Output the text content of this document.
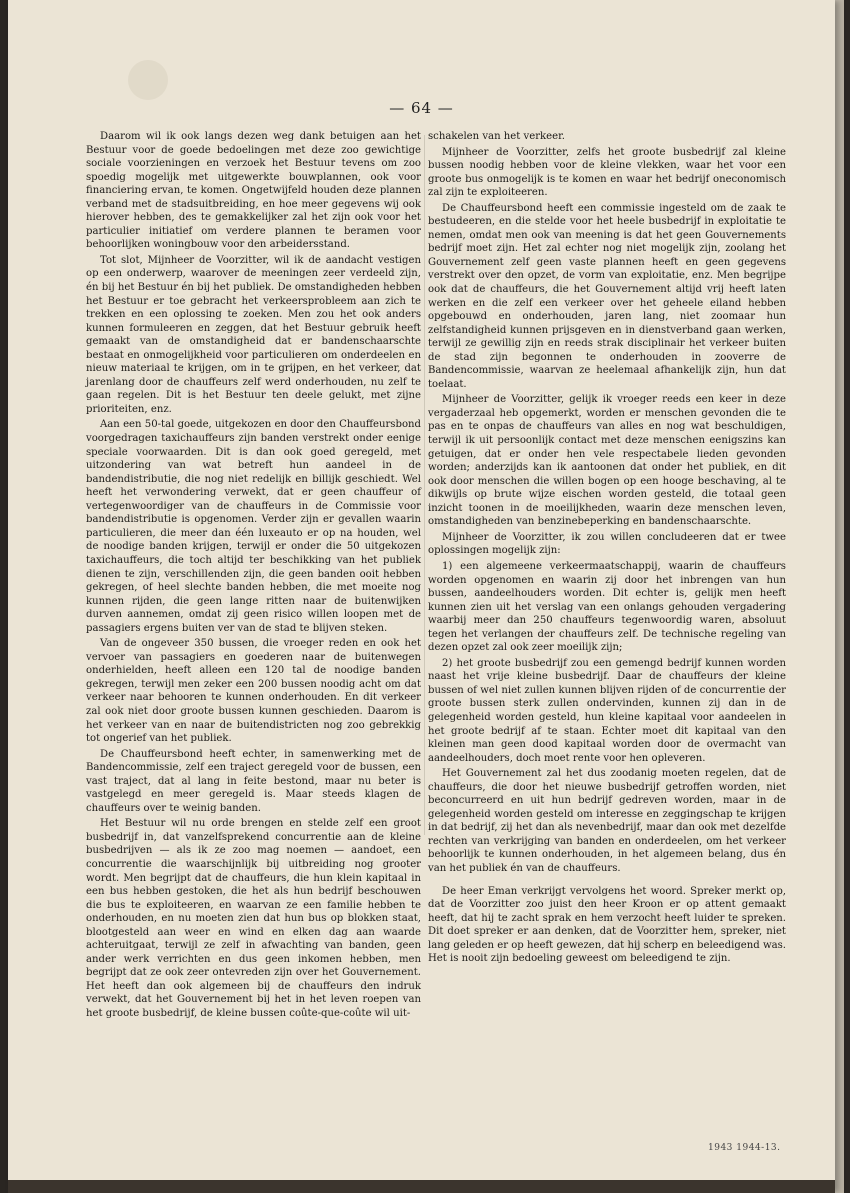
— 64 —

Daarom wil ik ook langs dezen weg dank betuigen aan het Bestuur voor de goede bedoelingen met deze zoo gewichtige sociale voorzieningen en verzoek het Bestuur tevens om zoo spoedig mogelijk met uitgewerkte bouwplannen, ook voor financiering ervan, te komen. Ongetwijfeld houden deze plannen verband met de stadsuitbreiding, en hoe meer gegevens wij ook hierover hebben, des te gemakkelijker zal het zijn ook voor het particulier initiatief om verdere plannen te beramen voor behoorlijken woningbouw voor den arbeidersstand.

Tot slot, Mijnheer de Voorzitter, wil ik de aandacht vestigen op een onderwerp, waarover de meeningen zeer verdeeld zijn, én bij het Bestuur én bij het publiek. De omstandigheden hebben het Bestuur er toe gebracht het verkeersprobleem aan zich te trekken en een oplossing te zoeken. Men zou het ook anders kunnen formuleeren en zeggen, dat het Bestuur gebruik heeft gemaakt van de omstandigheid dat er bandenschaarschte bestaat en onmogelijkheid voor particulieren om onderdeelen en nieuw materiaal te krijgen, om in te grijpen, en het verkeer, dat jarenlang door de chauffeurs zelf werd onderhouden, nu zelf te gaan regelen. Dit is het Bestuur ten deele gelukt, met zijne prioriteiten, enz.

Aan een 50-tal goede, uitgekozen en door den Chauffeursbond voorgedragen taxichauffeurs zijn banden verstrekt onder eenige speciale voorwaarden. Dit is dan ook goed geregeld, met uitzondering van wat betreft hun aandeel in de bandendistributie, die nog niet redelijk en billijk geschiedt. Wel heeft het verwondering verwekt, dat er geen chauffeur of vertegenwoordiger van de chauffeurs in de Commissie voor bandendistributie is opgenomen. Verder zijn er gevallen waarin particulieren, die meer dan één luxeauto er op na houden, wel de noodige banden krijgen, terwijl er onder die 50 uitgekozen taxichauffeurs, die toch altijd ter beschikking van het publiek dienen te zijn, verschillenden zijn, die geen banden ooit hebben gekregen, of heel slechte banden hebben, die met moeite nog kunnen rijden, die geen lange ritten naar de buitenwijken durven aannemen, omdat zij geen risico willen loopen met de passagiers ergens buiten ver van de stad te blijven steken.

Van de ongeveer 350 bussen, die vroeger reden en ook het vervoer van passagiers en goederen naar de buitenwegen onderhielden, heeft alleen een 120 tal de noodige banden gekregen, terwijl men zeker een 200 bussen noodig acht om dat verkeer naar behooren te kunnen onderhouden. En dit verkeer zal ook niet door groote bussen kunnen geschieden. Daarom is het verkeer van en naar de buitendistricten nog zoo gebrekkig tot ongerief van het publiek.

De Chauffeursbond heeft echter, in samenwerking met de Bandencommissie, zelf een traject geregeld voor de bussen, een vast traject, dat al lang in feite bestond, maar nu beter is vastgelegd en meer geregeld is. Maar steeds klagen de chauffeurs over te weinig banden.

Het Bestuur wil nu orde brengen en stelde zelf een groot busbedrijf in, dat vanzelfsprekend concurrentie aan de kleine busbedrijven — als ik ze zoo mag noemen — aandoet, een concurrentie die waarschijnlijk bij uitbreiding nog grooter wordt. Men begrijpt dat de chauffeurs, die hun klein kapitaal in een bus hebben gestoken, die het als hun bedrijf beschouwen die bus te exploiteeren, en waarvan ze een familie hebben te onderhouden, en nu moeten zien dat hun bus op blokken staat, blootgesteld aan weer en wind en elken dag aan waarde achteruitgaat, terwijl ze zelf in afwachting van banden, geen ander werk verrichten en dus geen inkomen hebben, men begrijpt dat ze ook zeer ontevreden zijn over het Gouvernement. Het heeft dan ook algemeen bij de chauffeurs den indruk verwekt, dat het Gouvernement bij het in het leven roepen van het groote busbedrijf, de kleine bussen coûte-que-coûte wil uit-

schakelen van het verkeer.

Mijnheer de Voorzitter, zelfs het groote busbedrijf zal kleine bussen noodig hebben voor de kleine vlekken, waar het voor een groote bus onmogelijk is te komen en waar het bedrijf oneconomisch zal zijn te exploiteeren.

De Chauffeursbond heeft een commissie ingesteld om de zaak te bestudeeren, en die stelde voor het heele busbedrijf in exploitatie te nemen, omdat men ook van meening is dat het geen Gouvernements bedrijf moet zijn. Het zal echter nog niet mogelijk zijn, zoolang het Gouvernement zelf geen vaste plannen heeft en geen gegevens verstrekt over den opzet, de vorm van exploitatie, enz. Men begrijpe ook dat de chauffeurs, die het Gouvernement altijd vrij heeft laten werken en die zelf een verkeer over het geheele eiland hebben opgebouwd en onderhouden, jaren lang, niet zoomaar hun zelfstandigheid kunnen prijsgeven en in dienstverband gaan werken, terwijl ze gewillig zijn en reeds strak disciplinair het verkeer buiten de stad zijn begonnen te onderhouden in zooverre de Bandencommissie, waarvan ze heelemaal afhankelijk zijn, hun dat toelaat.

Mijnheer de Voorzitter, gelijk ik vroeger reeds een keer in deze vergaderzaal heb opgemerkt, worden er menschen gevonden die te pas en te onpas de chauffeurs van alles en nog wat beschuldigen, terwijl ik uit persoonlijk contact met deze menschen eenigszins kan getuigen, dat er onder hen vele respectabele lieden gevonden worden; anderzijds kan ik aantoonen dat onder het publiek, en dit ook door menschen die willen bogen op een hooge beschaving, al te dikwijls op brute wijze eischen worden gesteld, die totaal geen inzicht toonen in de moeilijkheden, waarin deze menschen leven, omstandigheden van benzinebeperking en bandenschaarschte.

Mijnheer de Voorzitter, ik zou willen concludeeren dat er twee oplossingen mogelijk zijn:

1) een algemeene verkeermaatschappij, waarin de chauffeurs worden opgenomen en waarin zij door het inbrengen van hun bussen, aandeelhouders worden. Dit echter is, gelijk men heeft kunnen zien uit het verslag van een onlangs gehouden vergadering waarbij meer dan 250 chauffeurs tegenwoordig waren, absoluut tegen het verlangen der chauffeurs zelf. De technische regeling van dezen opzet zal ook zeer moeilijk zijn;

2) het groote busbedrijf zou een gemengd bedrijf kunnen worden naast het vrije kleine busbedrijf. Daar de chauffeurs der kleine bussen of wel niet zullen kunnen blijven rijden of de concurrentie der groote bussen sterk zullen ondervinden, kunnen zij dan in de gelegenheid worden gesteld, hun kleine kapitaal voor aandeelen in het groote bedrijf af te staan. Echter moet dit kapitaal van den kleinen man geen dood kapitaal worden door de overmacht van aandeelhouders, doch moet rente voor hen opleveren.

Het Gouvernement zal het dus zoodanig moeten regelen, dat de chauffeurs, die door het nieuwe busbedrijf getroffen worden, niet beconcurreerd en uit hun bedrijf gedreven worden, maar in de gelegenheid worden gesteld om interesse en zeggingschap te krijgen in dat bedrijf, zij het dan als nevenbedrijf, maar dan ook met dezelfde rechten van verkrijging van banden en onderdeelen, om het verkeer behoorlijk te kunnen onderhouden, in het algemeen belang, dus én van het publiek én van de chauffeurs.

De heer Eman verkrijgt vervolgens het woord. Spreker merkt op, dat de Voorzitter zoo juist den heer Kroon er op attent gemaakt heeft, dat hij te zacht sprak en hem verzocht heeft luider te spreken. Dit doet spreker er aan denken, dat de Voorzitter hem, spreker, niet lang geleden er op heeft gewezen, dat hij scherp en beleedigend was. Het is nooit zijn bedoeling geweest om beleedigend te zijn.

1943 1944-13.
